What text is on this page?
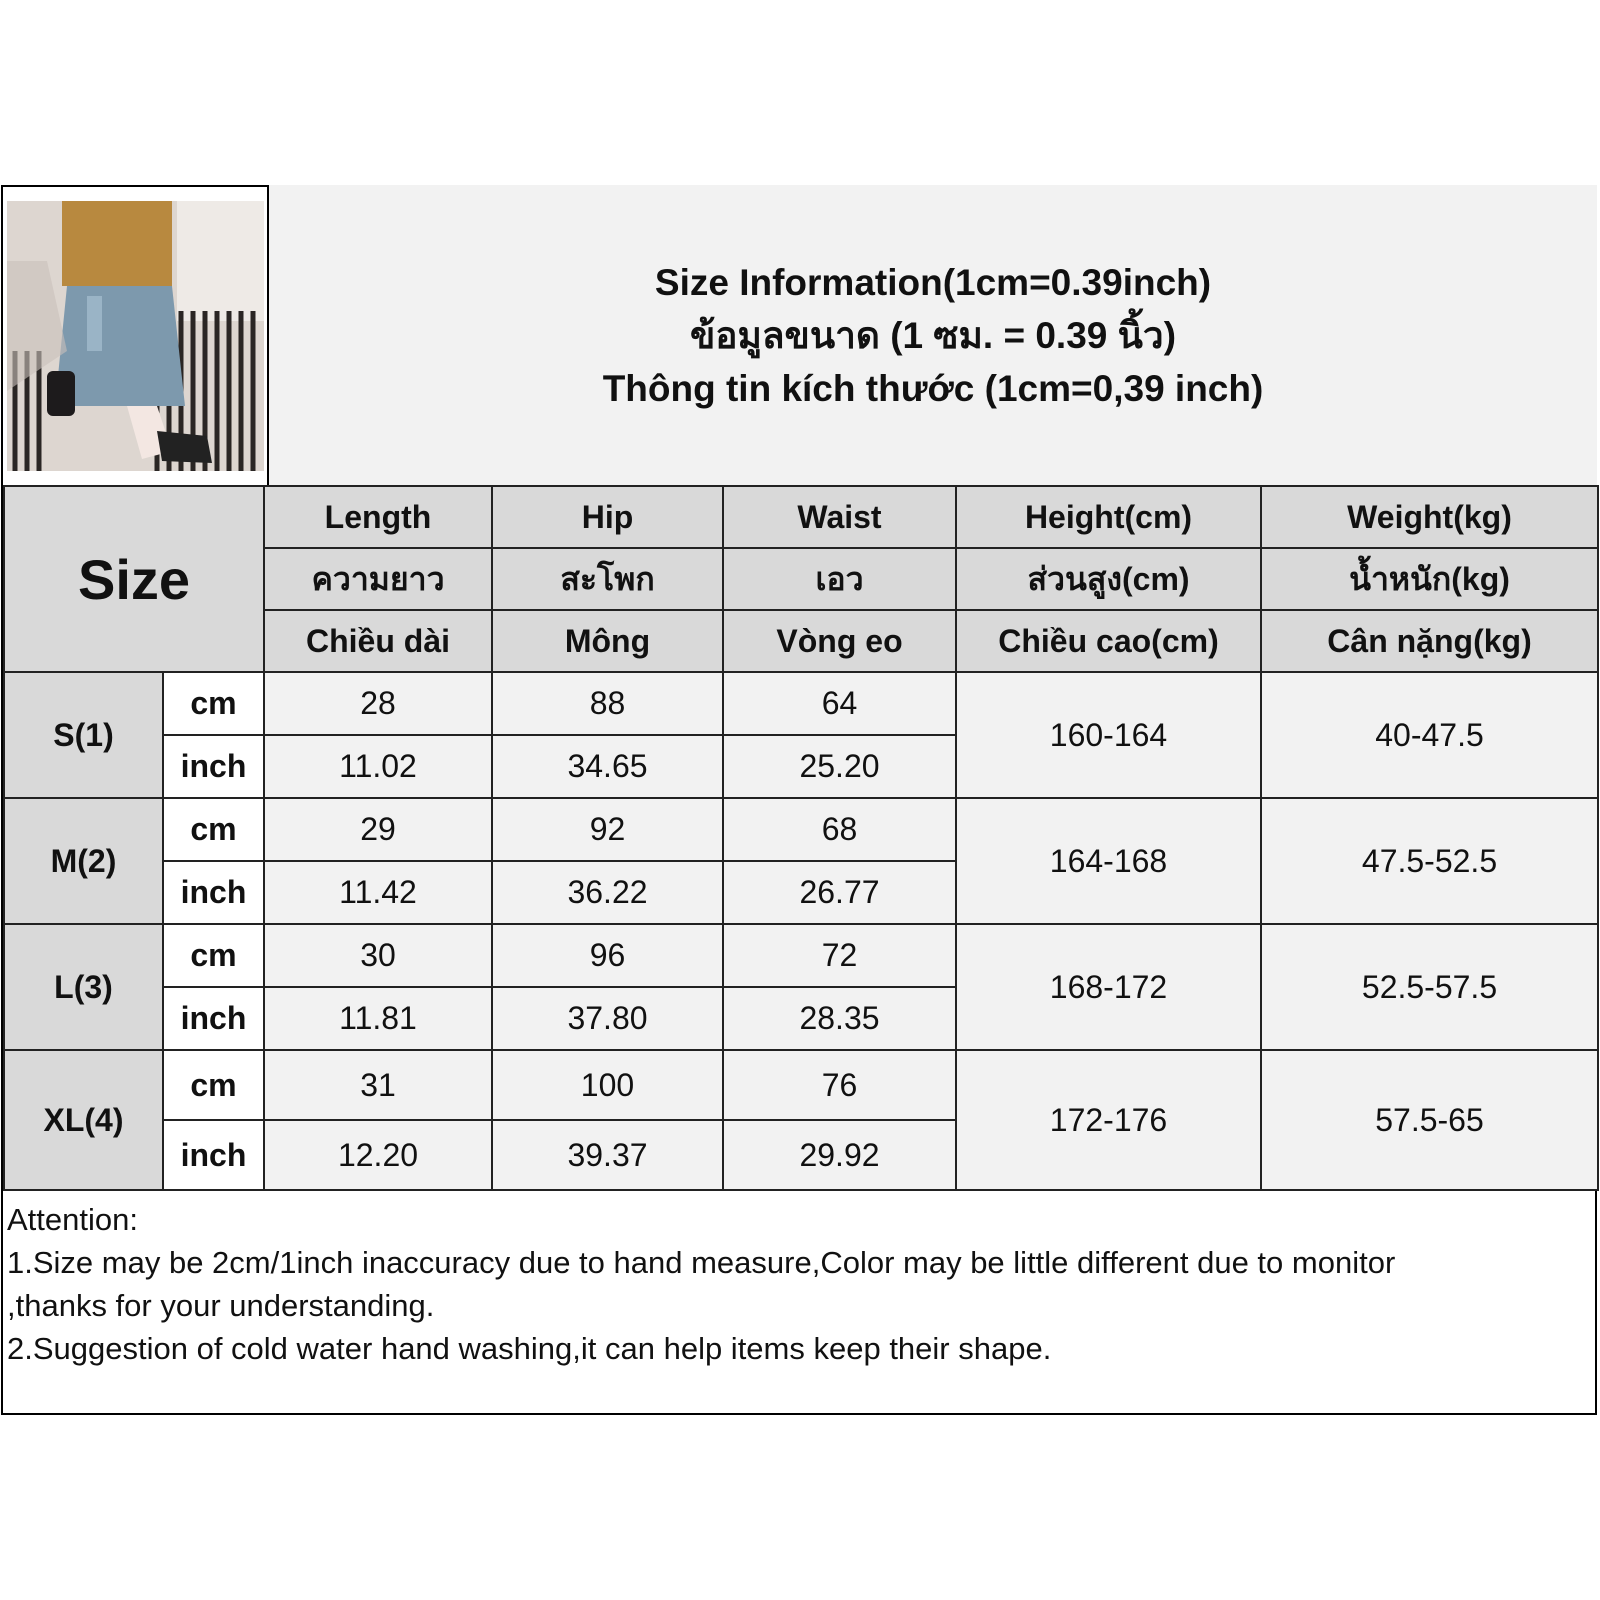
Size Information(1cm=0.39inch)
ข้อมูลขนาด (1 ซม. = 0.39 นิ้ว)
Thông tin kích thước (1cm=0,39 inch)
Size		Length	Hip	Waist	Height(cm)	Weight(kg)
		ความยาว	สะโพก	เอว	ส่วนสูง(cm)	น้ำหนัก(kg)
		Chiều dài	Mông	Vòng eo	Chiều cao(cm)	Cân nặng(kg)
S(1)	cm	28	88	64	160-164	40-47.5
	inch	11.02	34.65	25.20		
M(2)	cm	29	92	68	164-168	47.5-52.5
	inch	11.42	36.22	26.77		
L(3)	cm	30	96	72	168-172	52.5-57.5
	inch	11.81	37.80	28.35		
XL(4)	cm	31	100	76	172-176	57.5-65
	inch	12.20	39.37	29.92		
Attention:
1.Size may be 2cm/1inch inaccuracy due to hand measure,Color may be little different due to monitor
,thanks for your understanding.
2.Suggestion of cold water hand washing,it can help items keep their shape.
